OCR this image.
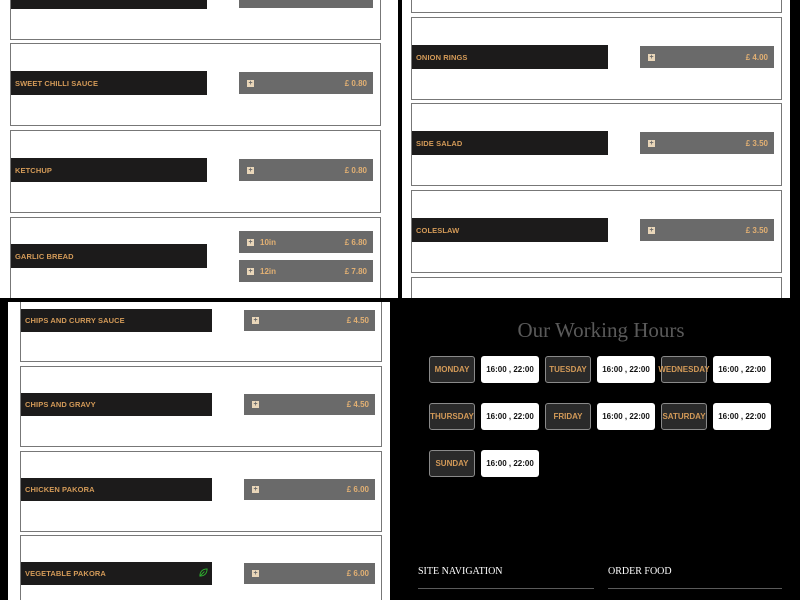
SWEET CHILLI SAUCE	+	£ 0.80
KETCHUP	+	£ 0.80
GARLIC BREAD
+ 10in	£ 6.80
+ 12in	£ 7.80
ONION RINGS	+	£ 4.00
SIDE SALAD	+	£ 3.50
COLESLAW	+	£ 3.50
CHIPS AND CURRY SAUCE	+	£ 4.50
CHIPS AND GRAVY	+	£ 4.50
CHICKEN PAKORA	+	£ 6.00
VEGETABLE PAKORA	+	£ 6.00
Our Working Hours
MONDAY	16:00 , 22:00	TUESDAY	16:00 , 22:00	WEDNESDAY	16:00 , 22:00
THURSDAY	16:00 , 22:00	FRIDAY	16:00 , 22:00	SATURDAY	16:00 , 22:00
SUNDAY	16:00 , 22:00
SITE NAVIGATION	ORDER FOOD
